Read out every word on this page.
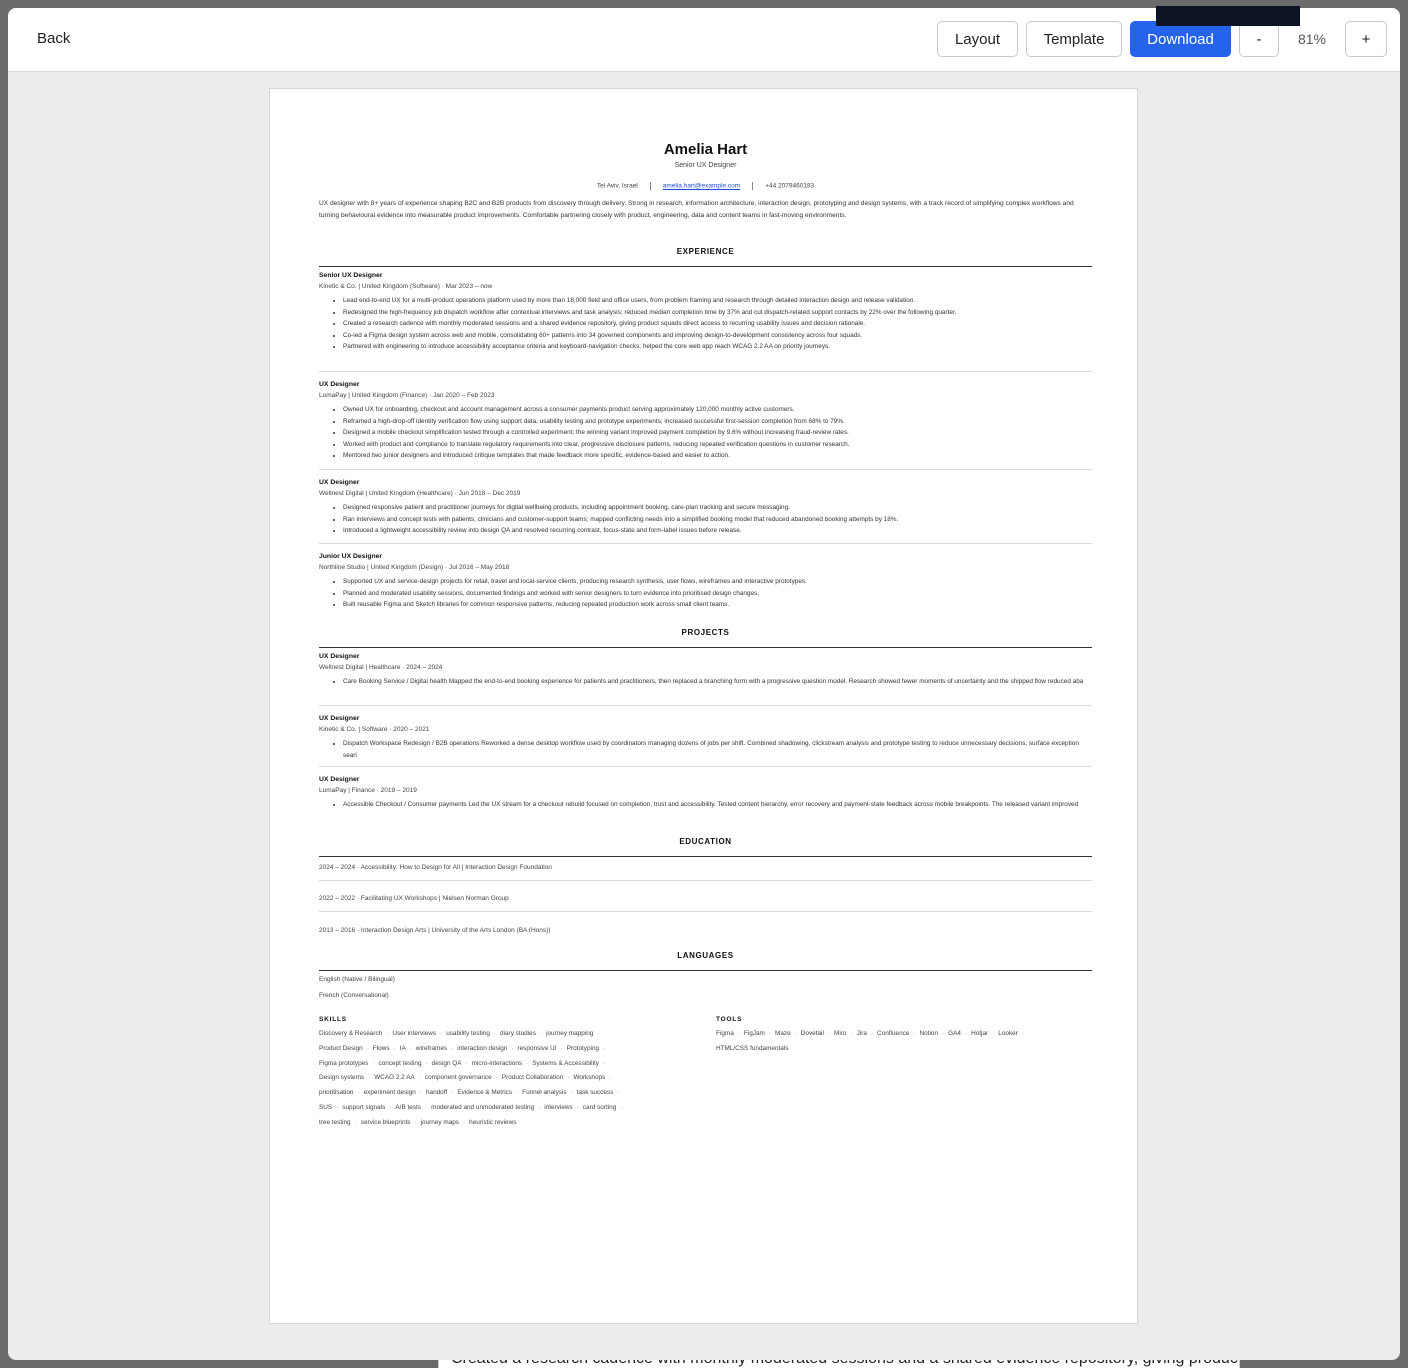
Back	Layout	Template	Download	-	81%	+
Amelia Hart
Senior UX Designer
Tel Aviv, Israel	amelia.hart@example.com	+44 2079460183
UX designer with 8+ years of experience shaping B2C and B2B products from discovery through delivery. Strong in research, information architecture, interaction design, prototyping and design systems, with a track record of simplifying complex workflows and turning behavioural evidence into measurable product improvements. Comfortable partnering closely with product, engineering, data and content teams in fast-moving environments.
EXPERIENCE
Senior UX Designer
Kinetic & Co. | United Kingdom (Software) · Mar 2023 – now
• Lead end-to-end UX for a multi-product operations platform used by more than 18,000 field and office users, from problem framing and research through detailed interaction design and release validation.
• Redesigned the high-frequency job dispatch workflow after contextual interviews and task analysis; reduced median completion time by 37% and cut dispatch-related support contacts by 22% over the following quarter.
• Created a research cadence with monthly moderated sessions and a shared evidence repository, giving product squads direct access to recurring usability issues and decision rationale.
• Co-led a Figma design system across web and mobile, consolidating 60+ patterns into 34 governed components and improving design-to-development consistency across four squads.
• Partnered with engineering to introduce accessibility acceptance criteria and keyboard-navigation checks; helped the core web app reach WCAG 2.2 AA on priority journeys.
UX Designer
LumaPay | United Kingdom (Finance) · Jan 2020 – Feb 2023
• Owned UX for onboarding, checkout and account management across a consumer payments product serving approximately 120,000 monthly active customers.
• Reframed a high-drop-off identity verification flow using support data, usability testing and prototype experiments; increased successful first-session completion from 68% to 79%.
• Designed a mobile checkout simplification tested through a controlled experiment; the winning variant improved payment completion by 9.6% without increasing fraud-review rates.
• Worked with product and compliance to translate regulatory requirements into clear, progressive disclosure patterns, reducing repeated verification questions in customer research.
• Mentored two junior designers and introduced critique templates that made feedback more specific, evidence-based and easier to action.
UX Designer
Wellnest Digital | United Kingdom (Healthcare) · Jun 2018 – Dec 2019
• Designed responsive patient and practitioner journeys for digital wellbeing products, including appointment booking, care-plan tracking and secure messaging.
• Ran interviews and concept tests with patients, clinicians and customer-support teams; mapped conflicting needs into a simplified booking model that reduced abandoned booking attempts by 18%.
• Introduced a lightweight accessibility review into design QA and resolved recurring contrast, focus-state and form-label issues before release.
Junior UX Designer
Northline Studio | United Kingdom (Design) · Jul 2016 – May 2018
• Supported UX and service-design projects for retail, travel and local-service clients, producing research synthesis, user flows, wireframes and interactive prototypes.
• Planned and moderated usability sessions, documented findings and worked with senior designers to turn evidence into prioritised design changes.
• Built reusable Figma and Sketch libraries for common responsive patterns, reducing repeated production work across small client teams.
PROJECTS
UX Designer
Wellnest Digital | Healthcare · 2024 – 2024
• Care Booking Service / Digital health Mapped the end-to-end booking experience for patients and practitioners, then replaced a branching form with a progressive question model. Research showed fewer moments of uncertainty and the shipped flow reduced aba
UX Designer
Kinetic & Co. | Software · 2020 – 2021
• Dispatch Workspace Redesign / B2B operations Reworked a dense desktop workflow used by coordinators managing dozens of jobs per shift. Combined shadowing, clickstream analysis and prototype testing to reduce unnecessary decisions, surface exception seari
UX Designer
LumaPay | Finance · 2019 – 2019
• Accessible Checkout / Consumer payments Led the UX stream for a checkout rebuild focused on completion, trust and accessibility. Tested content hierarchy, error recovery and payment-state feedback across mobile breakpoints. The released variant improved
EDUCATION
2024 – 2024 · Accessibility: How to Design for All | Interaction Design Foundation
2022 – 2022 · Facilitating UX Workshops | Nielsen Norman Group
2013 – 2016 · Interaction Design Arts | University of the Arts London (BA (Hons))
LANGUAGES
English (Native / Bilingual)
French (Conversational)
SKILLS
Discovery & Research · User interviews · usability testing · diary studies · journey mapping ·
Product Design · Flows · IA · wireframes · interaction design · responsive UI · Prototyping ·
Figma prototypes · concept testing · design QA · micro-interactions · Systems & Accessibility ·
Design systems · WCAG 2.2 AA · component governance · Product Collaboration · Workshops ·
prioritisation · experiment design · handoff · Evidence & Metrics · Funnel analysis · task success ·
SUS · support signals · A/B tests · moderated and unmoderated testing · interviews · card sorting ·
tree testing · service blueprints · journey maps · heuristic reviews
TOOLS
Figma · FigJam · Maze · Dovetail · Miro · Jira · Confluence · Notion · GA4 · Hotjar · Looker ·
HTML/CSS fundamentals
